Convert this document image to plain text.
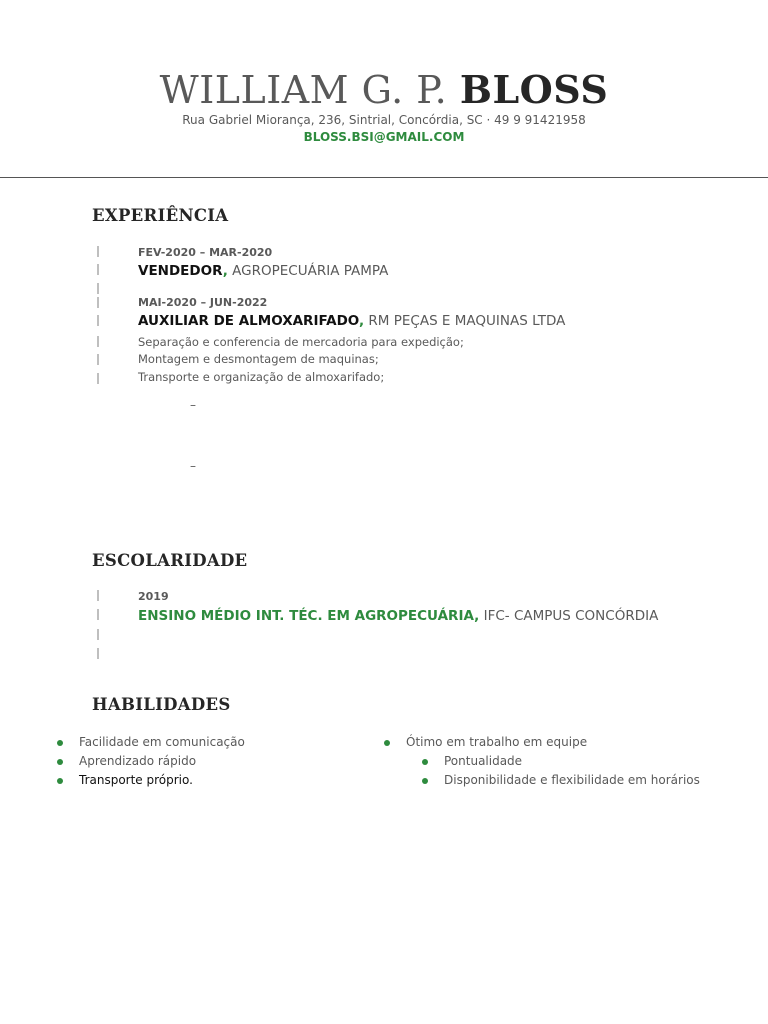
WILLIAM G. P. BLOSS
Rua Gabriel Miorança, 236, Sintrial, Concórdia, SC · 49 9 91421958
BLOSS.BSI@GMAIL.COM
EXPERIÊNCIA
FEV-2020 – MAR-2020
VENDEDOR, AGROPECUÁRIA PAMPA
MAI-2020 – JUN-2022
AUXILIAR DE ALMOXARIFADO, RM PEÇAS E MAQUINAS LTDA
Separação e conferencia de mercadoria para expedição;
Montagem e desmontagem de maquinas;
Transporte e organização de almoxarifado;
–
–
ESCOLARIDADE
2019
ENSINO MÉDIO INT. TÉC. EM AGROPECUÁRIA, IFC- CAMPUS CONCÓRDIA
HABILIDADES
Facilidade em comunicação
Aprendizado rápido
Transporte próprio.
Ótimo em trabalho em equipe
Pontualidade
Disponibilidade e flexibilidade em horários
